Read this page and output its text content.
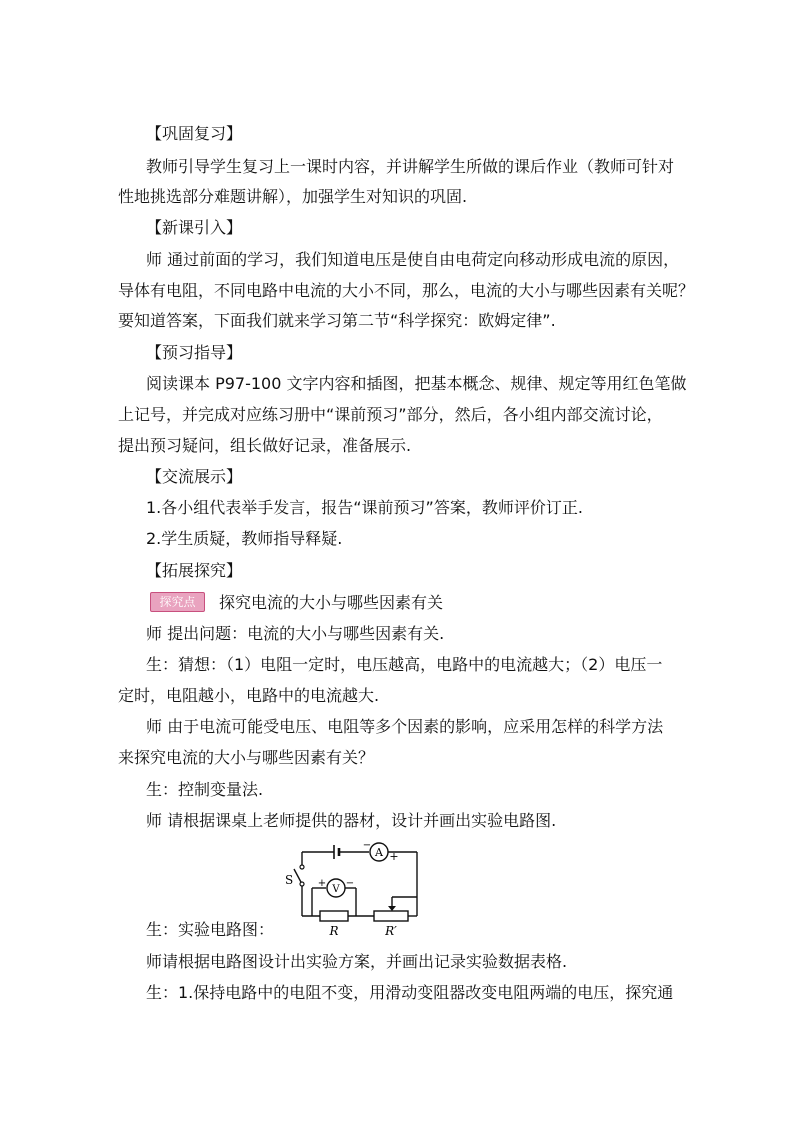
【巩固复习】
教师引导学生复习上一课时内容，并讲解学生所做的课后作业（教师可针对
性地挑选部分难题讲解），加强学生对知识的巩固.
【新课引入】
师 通过前面的学习，我们知道电压是使自由电荷定向移动形成电流的原因，
导体有电阻，不同电路中电流的大小不同，那么，电流的大小与哪些因素有关呢？
要知道答案，下面我们就来学习第二节“科学探究：欧姆定律”.
【预习指导】
阅读课本 P97-100 文字内容和插图，把基本概念、规律、规定等用红色笔做
上记号，并完成对应练习册中“课前预习”部分，然后，各小组内部交流讨论，
提出预习疑问，组长做好记录，准备展示.
【交流展示】
1.各小组代表举手发言，报告“课前预习”答案，教师评价订正.
2.学生质疑，教师指导释疑.
【拓展探究】
探究点	探究电流的大小与哪些因素有关
师 提出问题：电流的大小与哪些因素有关.
生：猜想：（1）电阻一定时，电压越高，电路中的电流越大；（2）电压一
定时，电阻越小，电路中的电流越大.
师 由于电流可能受电压、电阻等多个因素的影响，应采用怎样的科学方法
来探究电流的大小与哪些因素有关？
生：控制变量法.
师 请根据课桌上老师提供的器材，设计并画出实验电路图.
A
−
+
V
+ −
S
R	R′
生：实验电路图：
师请根据电路图设计出实验方案，并画出记录实验数据表格.
生：1.保持电路中的电阻不变，用滑动变阻器改变电阻两端的电压，探究通
